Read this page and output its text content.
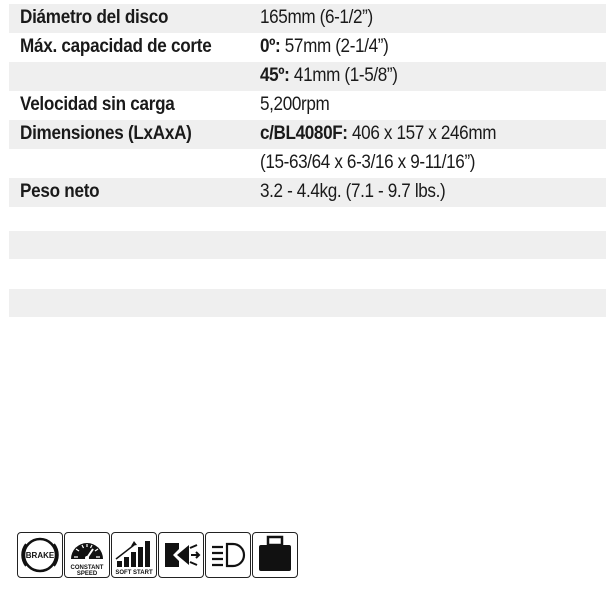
Diámetro del disco	165mm (6-1/2”)
Máx. capacidad de corte	0º: 57mm (2-1/4”)
45º: 41mm (1-5/8”)
Velocidad sin carga	5,200rpm
Dimensiones (LxAxA)	c/BL4080F: 406 x 157 x 246mm
(15-63/64 x 6-3/16 x 9-11/16”)
Peso neto	3.2 - 4.4kg. (7.1 - 9.7 lbs.)
BRAKE
CONSTANT
SPEED	SOFT START
